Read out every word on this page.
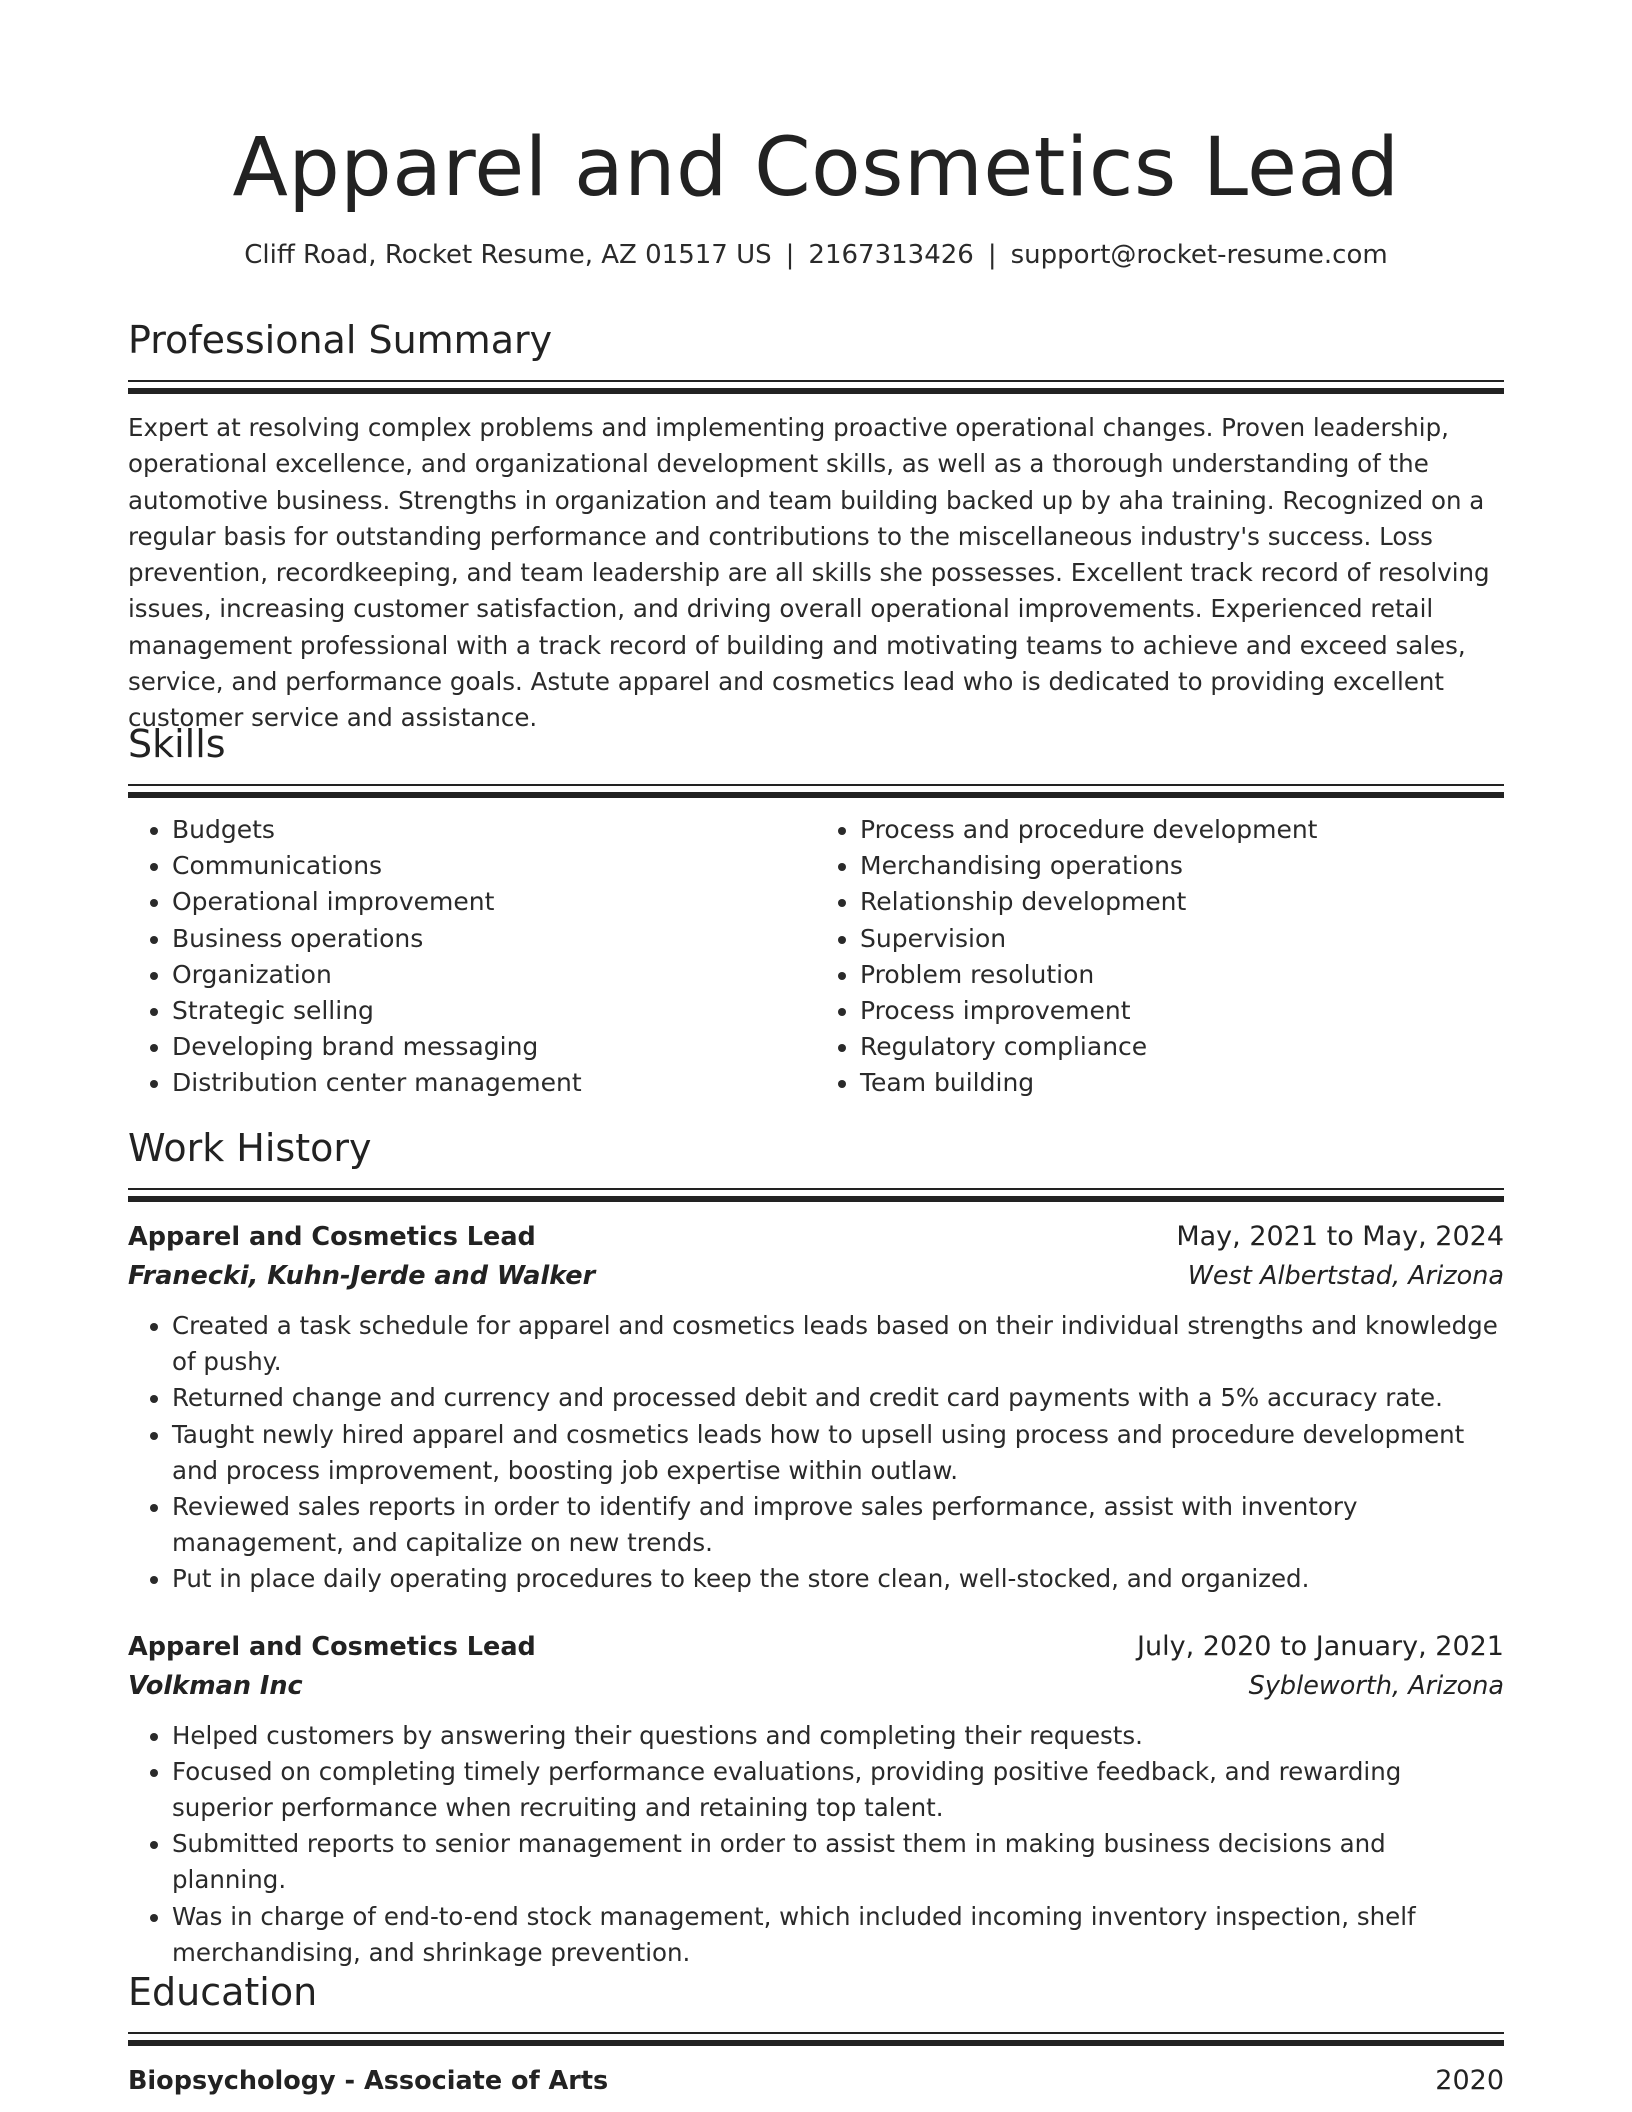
Apparel and Cosmetics Lead
Cliff Road, Rocket Resume, AZ 01517 US | 2167313426 | support@rocket-resume.com
Professional Summary
Expert at resolving complex problems and implementing proactive operational changes. Proven leadership, operational excellence, and organizational development skills, as well as a thorough understanding of the automotive business. Strengths in organization and team building backed up by aha training. Recognized on a regular basis for outstanding performance and contributions to the miscellaneous industry's success. Loss prevention, recordkeeping, and team leadership are all skills she possesses. Excellent track record of resolving issues, increasing customer satisfaction, and driving overall operational improvements. Experienced retail management professional with a track record of building and motivating teams to achieve and exceed sales, service, and performance goals. Astute apparel and cosmetics lead who is dedicated to providing excellent customer service and assistance.
Skills
• Budgets
• Communications
• Operational improvement
• Business operations
• Organization
• Strategic selling
• Developing brand messaging
• Distribution center management
• Process and procedure development
• Merchandising operations
• Relationship development
• Supervision
• Problem resolution
• Process improvement
• Regulatory compliance
• Team building
Work History
Apparel and Cosmetics Lead	May, 2021 to May, 2024
Franecki, Kuhn-Jerde and Walker	West Albertstad, Arizona
• Created a task schedule for apparel and cosmetics leads based on their individual strengths and knowledge of pushy.
• Returned change and currency and processed debit and credit card payments with a 5% accuracy rate.
• Taught newly hired apparel and cosmetics leads how to upsell using process and procedure development and process improvement, boosting job expertise within outlaw.
• Reviewed sales reports in order to identify and improve sales performance, assist with inventory management, and capitalize on new trends.
• Put in place daily operating procedures to keep the store clean, well-stocked, and organized.
Apparel and Cosmetics Lead	July, 2020 to January, 2021
Volkman Inc	Sybleworth, Arizona
• Helped customers by answering their questions and completing their requests.
• Focused on completing timely performance evaluations, providing positive feedback, and rewarding superior performance when recruiting and retaining top talent.
• Submitted reports to senior management in order to assist them in making business decisions and planning.
• Was in charge of end-to-end stock management, which included incoming inventory inspection, shelf merchandising, and shrinkage prevention.
Education
Biopsychology - Associate of Arts	2020
